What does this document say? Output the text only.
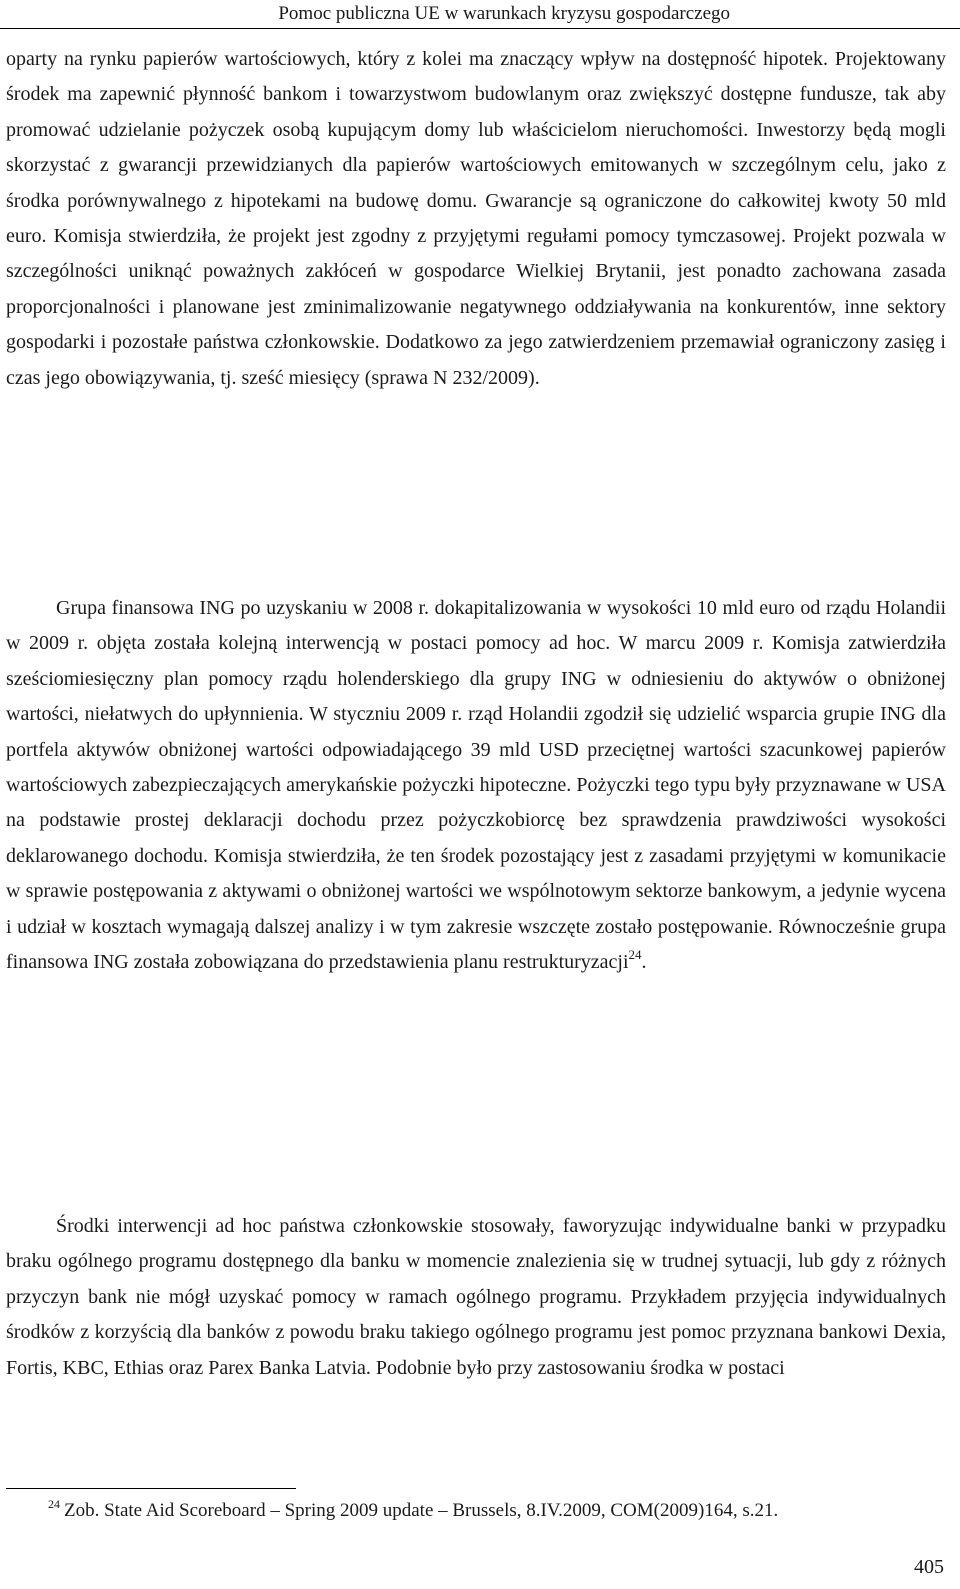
Pomoc publiczna UE w warunkach kryzysu gospodarczego

oparty na rynku papierów wartościowych, który z kolei ma znaczący wpływ na dostępność hipotek. Projektowany środek ma zapewnić płynność bankom i towarzystwom budowlanym oraz zwiększyć dostępne fundusze, tak aby promować udzielanie pożyczek osobą kupującym domy lub właścicielom nieruchomości. Inwestorzy będą mogli skorzystać z gwarancji przewidzianych dla papierów wartościowych emitowanych w szczególnym celu, jako z środka porównywalnego z hipotekami na budowę domu. Gwarancje są ograniczone do całkowitej kwoty 50 mld euro. Komisja stwierdziła, że projekt jest zgodny z przyjętymi regułami pomocy tymczasowej. Projekt pozwala w szczególności uniknąć poważnych zakłóceń w gospodarce Wielkiej Brytanii, jest ponadto zachowana zasada proporcjonalności i planowane jest zminimalizowanie negatywnego oddziaływania na konkurentów, inne sektory gospodarki i pozostałe państwa członkowskie. Dodatkowo za jego zatwierdzeniem przemawiał ograniczony zasięg i czas jego obowiązywania, tj. sześć miesięcy (sprawa N 232/2009).

Grupa finansowa ING po uzyskaniu w 2008 r. dokapitalizowania w wysokości 10 mld euro od rządu Holandii w 2009 r. objęta została kolejną interwencją w postaci pomocy ad hoc. W marcu 2009 r. Komisja zatwierdziła sześciomiesięczny plan pomocy rządu holenderskiego dla grupy ING w odniesieniu do aktywów o obniżonej wartości, niełatwych do upłynnienia. W styczniu 2009 r. rząd Holandii zgodził się udzielić wsparcia grupie ING dla portfela aktywów obniżonej wartości odpowiadającego 39 mld USD przeciętnej wartości szacunkowej papierów wartościowych zabezpieczających amerykańskie pożyczki hipoteczne. Pożyczki tego typu były przyznawane w USA na podstawie prostej deklaracji dochodu przez pożyczkobiorcę bez sprawdzenia prawdziwości wysokości deklarowanego dochodu. Komisja stwierdziła, że ten środek pozostający jest z zasadami przyjętymi w komunikacie w sprawie postępowania z aktywami o obniżonej wartości we wspólnotowym sektorze bankowym, a jedynie wycena i udział w kosztach wymagają dalszej analizy i w tym zakresie wszczęte zostało postępowanie. Równocześnie grupa finansowa ING została zobowiązana do przedstawienia planu restrukturyzacji$^{24}$.

Środki interwencji ad hoc państwa członkowskie stosowały, faworyzując indywidualne banki w przypadku braku ogólnego programu dostępnego dla banku w momencie znalezienia się w trudnej sytuacji, lub gdy z różnych przyczyn bank nie mógł uzyskać pomocy w ramach ogólnego programu. Przykładem przyjęcia indywidualnych środków z korzyścią dla banków z powodu braku takiego ogólnego programu jest pomoc przyznana bankowi Dexia, Fortis, KBC, Ethias oraz Parex Banka Latvia. Podobnie było przy zastosowaniu środka w postaci

$^{24}$ Zob. State Aid Scoreboard – Spring 2009 update – Brussels, 8.IV.2009, COM(2009)164, s.21.
405
